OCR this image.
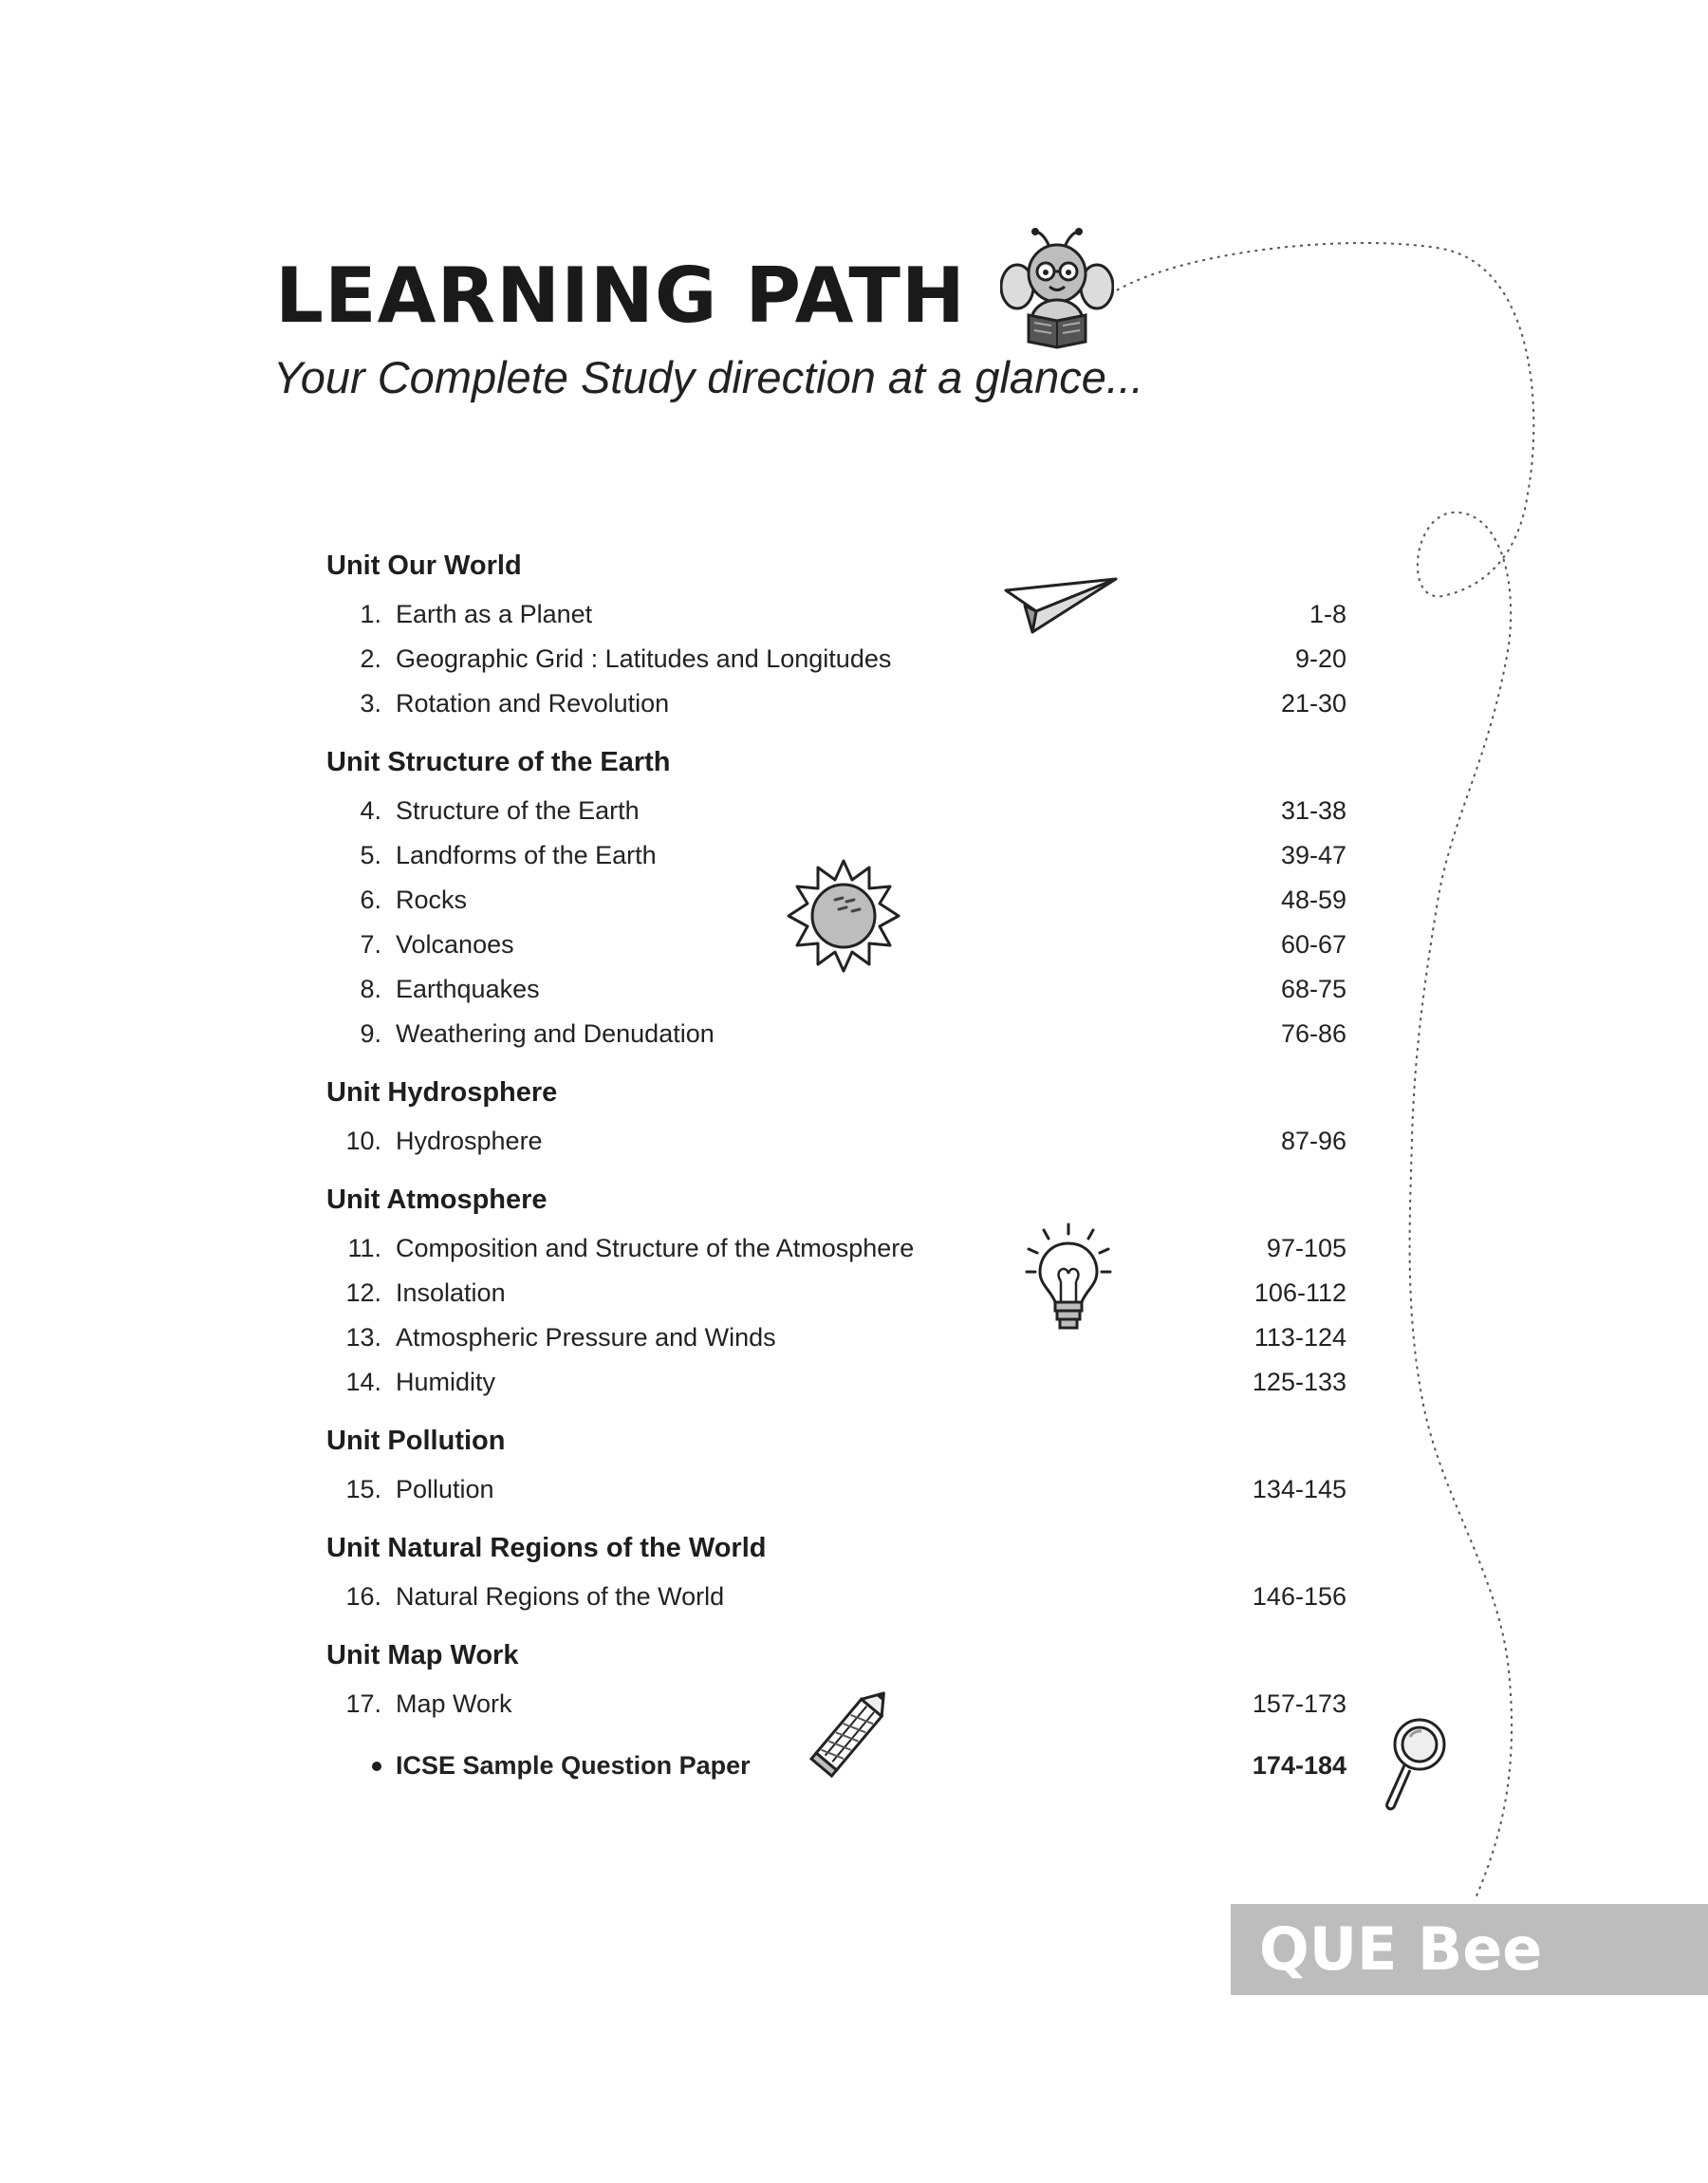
LEARNING PATH
Your Complete Study direction at a glance...
Unit Our World
1. Earth as a Planet	1-8
2. Geographic Grid : Latitudes and Longitudes	9-20
3. Rotation and Revolution	21-30
Unit Structure of the Earth
4. Structure of the Earth	31-38
5. Landforms of the Earth	39-47
6. Rocks	48-59
7. Volcanoes	60-67
8. Earthquakes	68-75
9. Weathering and Denudation	76-86
Unit Hydrosphere
10. Hydrosphere	87-96
Unit Atmosphere
11. Composition and Structure of the Atmosphere	97-105
12. Insolation	106-112
13. Atmospheric Pressure and Winds	113-124
14. Humidity	125-133
Unit Pollution
15. Pollution	134-145
Unit Natural Regions of the World
16. Natural Regions of the World	146-156
Unit Map Work
17. Map Work	157-173
ICSE Sample Question Paper	174-184
QUE Bee
